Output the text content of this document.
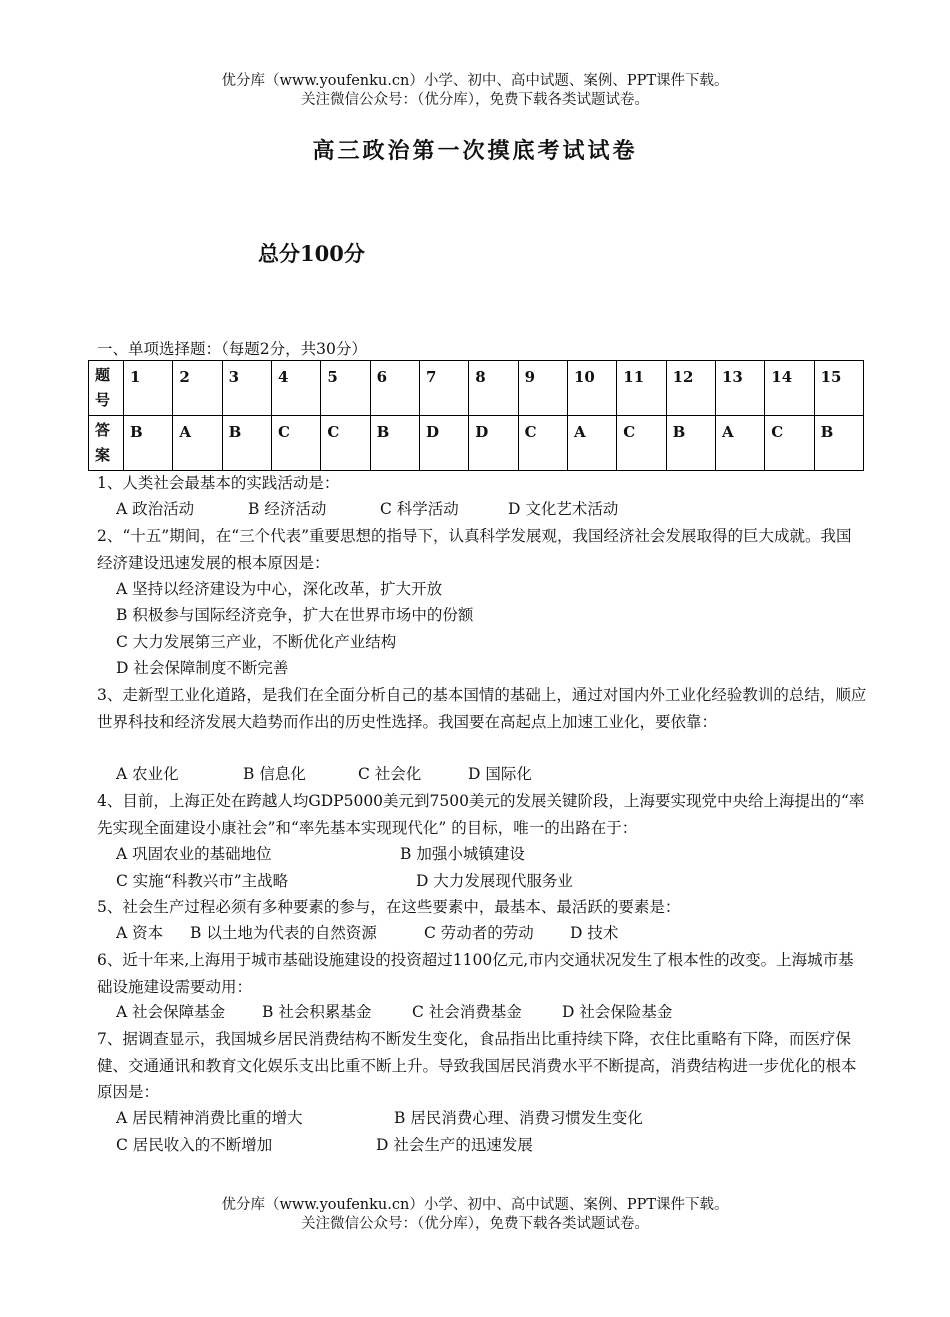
优分库（www.youfenku.cn）小学、初中、高中试题、案例、PPT课件下载。
关注微信公众号：（优分库），免费下载各类试题试卷。
高三政治第一次摸底考试试卷
总分100分
一、单项选择题：（每题2分，共30分）
题号	1	2	3	4	5	6	7	8	9	10	11	12	13	14	15
答案	B	A	B	C	C	B	D	D	C	A	C	B	A	C	B
1、人类社会最基本的实践活动是：
A 政治活动	B 经济活动	C 科学活动	D 文化艺术活动
2、“十五”期间，在“三个代表”重要思想的指导下，认真科学发展观，我国经济社会发展取得的巨大成就。我国经济建设迅速发展的根本原因是：
A 坚持以经济建设为中心，深化改革，扩大开放
B 积极参与国际经济竞争，扩大在世界市场中的份额
C 大力发展第三产业，不断优化产业结构
D 社会保障制度不断完善
3、走新型工业化道路，是我们在全面分析自己的基本国情的基础上，通过对国内外工业化经验教训的总结，顺应世界科技和经济发展大趋势而作出的历史性选择。我国要在高起点上加速工业化，要依靠：
A 农业化	B 信息化	C 社会化	D 国际化
4、目前，上海正处在跨越人均GDP5000美元到7500美元的发展关键阶段，上海要实现党中央给上海提出的“率先实现全面建设小康社会”和“率先基本实现现代化” 的目标，唯一的出路在于：
A 巩固农业的基础地位	B 加强小城镇建设
C 实施“科教兴市”主战略	D 大力发展现代服务业
5、社会生产过程必须有多种要素的参与，在这些要素中，最基本、最活跃的要素是：
A 资本 B 以土地为代表的自然资源	C 劳动者的劳动 D 技术
6、近十年来,上海用于城市基础设施建设的投资超过1100亿元,市内交通状况发生了根本性的改变。上海城市基础设施建设需要动用：
A 社会保障基金 B 社会积累基金	C 社会消费基金	D 社会保险基金
7、据调查显示，我国城乡居民消费结构不断发生变化，食品指出比重持续下降，衣住比重略有下降，而医疗保健、交通通讯和教育文化娱乐支出比重不断上升。导致我国居民消费水平不断提高，消费结构进一步优化的根本原因是：
A 居民精神消费比重的增大	B 居民消费心理、消费习惯发生变化
C 居民收入的不断增加	D 社会生产的迅速发展
优分库（www.youfenku.cn）小学、初中、高中试题、案例、PPT课件下载。
关注微信公众号：（优分库），免费下载各类试题试卷。
